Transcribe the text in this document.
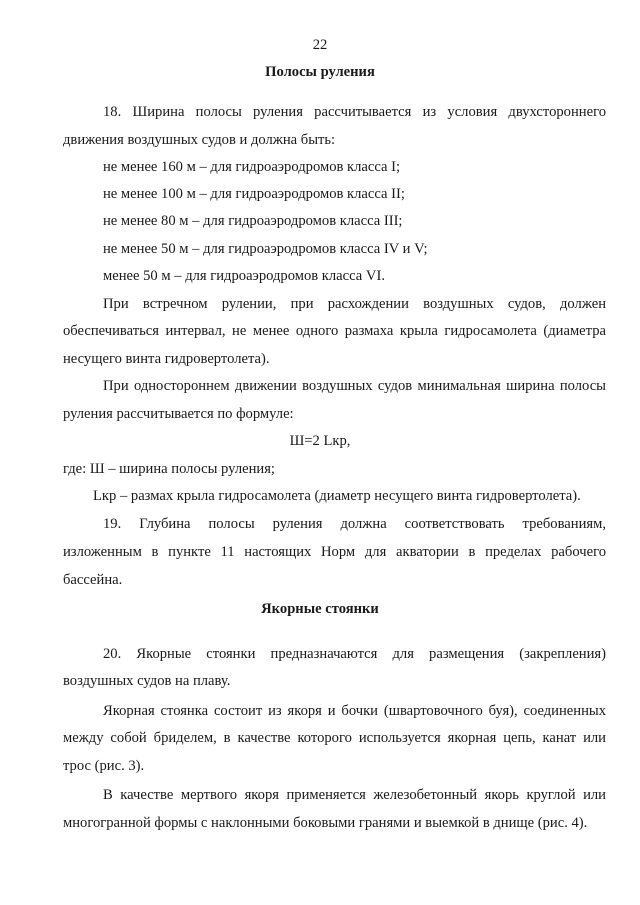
22
Полосы руления
18. Ширина полосы руления рассчитывается из условия двухстороннего
движения воздушных судов и должна быть:
не менее 160 м – для гидроаэродромов класса I;
не менее 100 м – для гидроаэродромов класса II;
не менее 80 м – для гидроаэродромов класса III;
не менее 50 м – для гидроаэродромов класса IV и V;
менее 50 м – для гидроаэродромов класса VI.
При встречном рулении, при расхождении воздушных судов, должен
обеспечиваться интервал, не менее одного размаха крыла гидросамолета (диаметра
несущего винта гидровертолета).
При одностороннем движении воздушных судов минимальная ширина полосы
руления рассчитывается по формуле:
Ш=2 Lкр,
где: Ш – ширина полосы руления;
Lкр – размах крыла гидросамолета (диаметр несущего винта гидровертолета).
19. Глубина полосы руления должна соответствовать требованиям,
изложенным в пункте 11 настоящих Норм для акватории в пределах рабочего
бассейна.
Якорные стоянки
20. Якорные стоянки предназначаются для размещения (закрепления)
воздушных судов на плаву.
Якорная стоянка состоит из якоря и бочки (швартовочного буя), соединенных
между собой бриделем, в качестве которого используется якорная цепь, канат или
трос (рис. 3).
В качестве мертвого якоря применяется железобетонный якорь круглой или
многогранной формы с наклонными боковыми гранями и выемкой в днище (рис. 4).
